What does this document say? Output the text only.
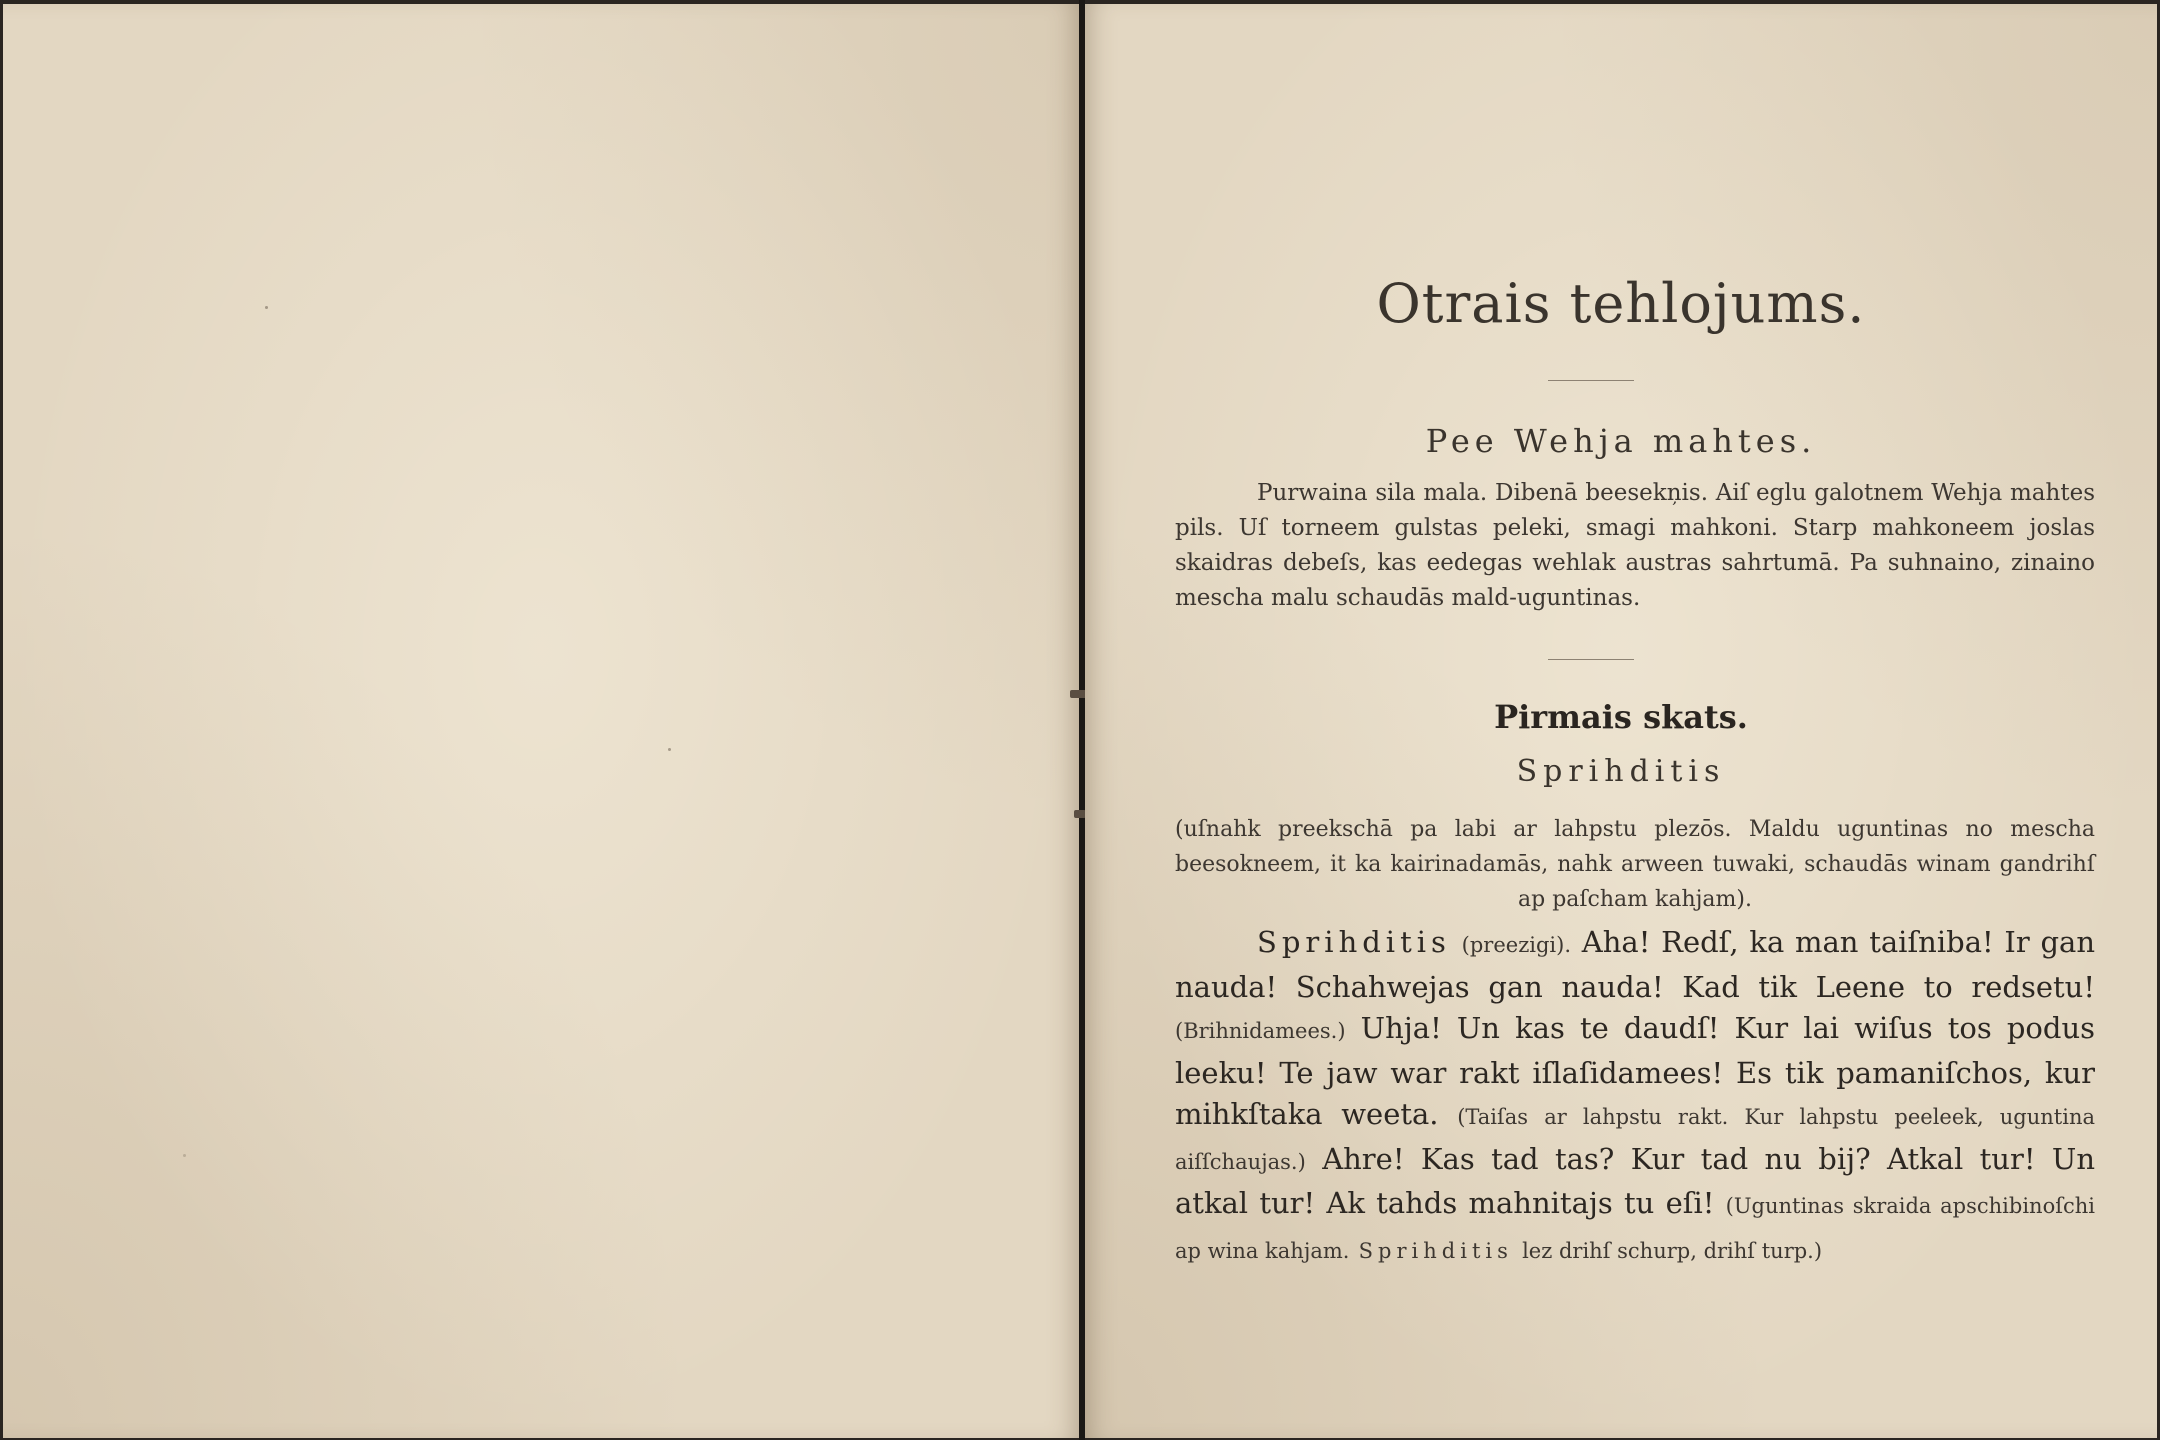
Otrais tehlojums.
Pee Wehja mahtes.
Purwaina sila mala. Dibenā beesekņis. Aiſ eglu galotnem Wehja mahtes pils. Uſ torneem gulstas peleki, smagi mahkoni. Starp mahkoneem joslas skaidras debeſs, kas eedegas wehlak austras sahrtumā. Pa suhnaino, zinaino mescha malu schaudās mald-uguntinas.
Pirmais skats.
Sprihditis
(uſnahk preekschā pa labi ar lahpstu plezōs. Maldu uguntinas no mescha beesokneem, it ka kairinadamās, nahk arween tuwaki, schaudās winam gandrihſ ap paſcham kahjam).

Sprihditis (preezigi). Aha! Redſ, ka man taiſniba! Ir gan nauda! Schahwejas gan nauda! Kad tik Leene to redsetu! (Brihnidamees.) Uhja! Un kas te daudſ! Kur lai wiſus tos podus leeku! Te jaw war rakt iſlaſidamees! Es tik pamaniſchos, kur mihkſtaka weeta. (Taiſas ar lahpstu rakt. Kur lahpstu peeleek, uguntina aiſſchaujas.) Ahre! Kas tad tas? Kur tad nu bij? Atkal tur! Un atkal tur! Ak tahds mahnitajs tu eſi! (Uguntinas skraida apschibinoſchi ap wina kahjam. Sprihditis lez drihſ schurp, drihſ turp.)
